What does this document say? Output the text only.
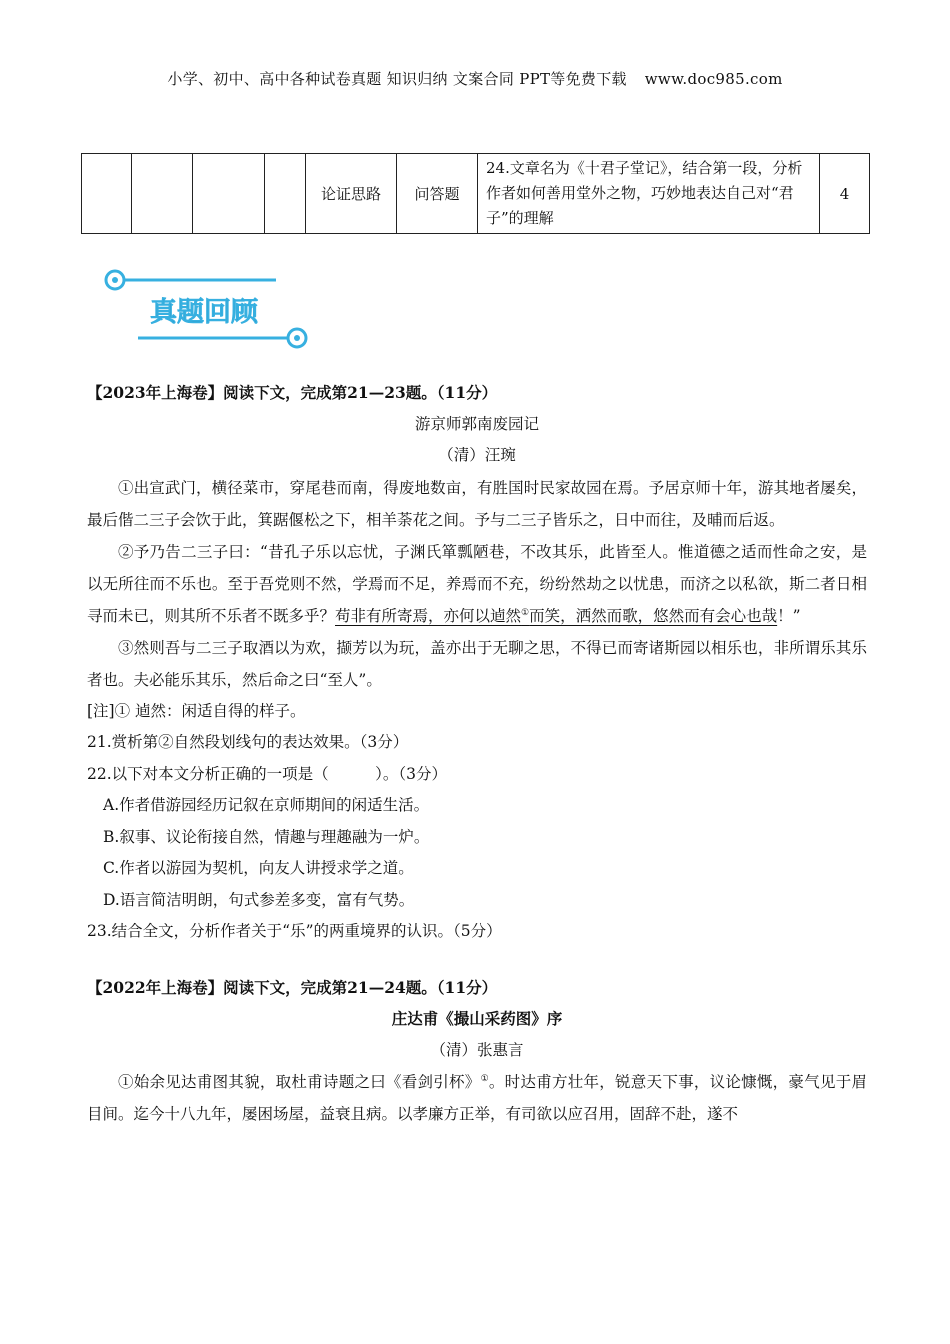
小学、初中、高中各种试卷真题 知识归纳 文案合同 PPT等免费下载 www.doc985.com
				论证思路	问答题	24.文章名为《十君子堂记》，结合第一段，分析作者如何善用堂外之物，巧妙地表达自己对“君子”的理解	4
真题回顾
【2023年上海卷】阅读下文，完成第21—23题。（11分）
游京师郭南废园记
（清）汪琬

①出宣武门，横径菜市，穿尾巷而南，得废地数亩，有胜国时民家故园在焉。予居京师十年，游其地者屡矣，最后偕二三子会饮于此，箕踞偃松之下，相羊荼花之间。予与二三子皆乐之，日中而往，及晡而后返。

②予乃告二三子曰：“昔孔子乐以忘忧，子渊氏箪瓢陋巷，不改其乐，此皆至人。惟道德之适而性命之安，是以无所往而不乐也。至于吾党则不然，学焉而不足，养焉而不充，纷纷然劫之以忧患，而济之以私欲，斯二者日相寻而未已，则其所不乐者不既多乎？苟非有所寄焉，亦何以逌然①而笑，洒然而歌，悠然而有会心也哉！”

③然则吾与二三子取酒以为欢，撷芳以为玩，盖亦出于无聊之思，不得已而寄诸斯园以相乐也，非所谓乐其乐者也。夫必能乐其乐，然后命之曰“至人”。

[注]① 逌然：闲适自得的样子。
21.赏析第②自然段划线句的表达效果。（3分）
22.以下对本文分析正确的一项是（　　　）。（3分）
A.作者借游园经历记叙在京师期间的闲适生活。
B.叙事、议论衔接自然，情趣与理趣融为一炉。
C.作者以游园为契机，向友人讲授求学之道。
D.语言简洁明朗，句式参差多变，富有气势。
23.结合全文，分析作者关于“乐”的两重境界的认识。（5分）
【2022年上海卷】阅读下文，完成第21—24题。（11分）
庄达甫《撮山采药图》序
（清）张惠言

①始余见达甫图其貌，取杜甫诗题之曰《看剑引杯》①。时达甫方壮年，锐意天下事，议论慷慨，豪气见于眉目间。迄今十八九年，屡困场屋，益衰且病。以孝廉方正举，有司欲以应召用，固辞不赴，遂不
